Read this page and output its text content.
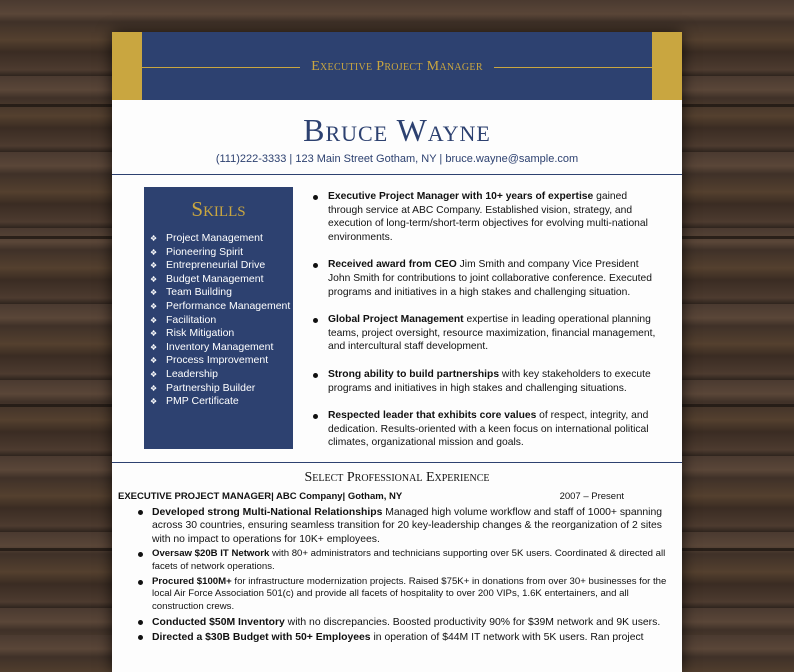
Executive Project Manager
Bruce Wayne
(111)222-3333 | 123 Main Street Gotham, NY | bruce.wayne@sample.com
Skills
❖ Project Management
❖ Pioneering Spirit
❖ Entrepreneurial Drive
❖ Budget Management
❖ Team Building
❖ Performance Management
❖ Facilitation
❖ Risk Mitigation
❖ Inventory Management
❖ Process Improvement
❖ Leadership
❖ Partnership Builder
❖ PMP Certificate
Executive Project Manager with 10+ years of expertise gained through service at ABC Company. Established vision, strategy, and execution of long-term/short-term objectives for evolving multi-national environments.
Received award from CEO Jim Smith and company Vice President John Smith for contributions to joint collaborative conference. Executed programs and initiatives in a high stakes and challenging situation.
Global Project Management expertise in leading operational planning teams, project oversight, resource maximization, financial management, and intercultural staff development.
Strong ability to build partnerships with key stakeholders to execute programs and initiatives in high stakes and challenging situations.
Respected leader that exhibits core values of respect, integrity, and dedication. Results-oriented with a keen focus on international political climates, organizational mission and goals.
Select Professional Experience
EXECUTIVE PROJECT MANAGER| ABC Company| Gotham, NY	2007 – Present
Developed strong Multi-National Relationships Managed high volume workflow and staff of 1000+ spanning across 30 countries, ensuring seamless transition for 20 key-leadership changes & the reorganization of 2 sites with no impact to operations for 10K+ employees.
Oversaw $20B IT Network with 80+ administrators and technicians supporting over 5K users. Coordinated & directed all facets of network operations.
Procured $100M+ for infrastructure modernization projects. Raised $75K+ in donations from over 30+ businesses for the local Air Force Association 501(c) and provide all facets of hospitality to over 200 VIPs, 1.6K entertainers, and all construction crews.
Conducted $50M Inventory with no discrepancies. Boosted productivity 90% for $39M network and 9K users.
Directed a $30B Budget with 50+ Employees in operation of $44M IT network with 5K users. Ran project
